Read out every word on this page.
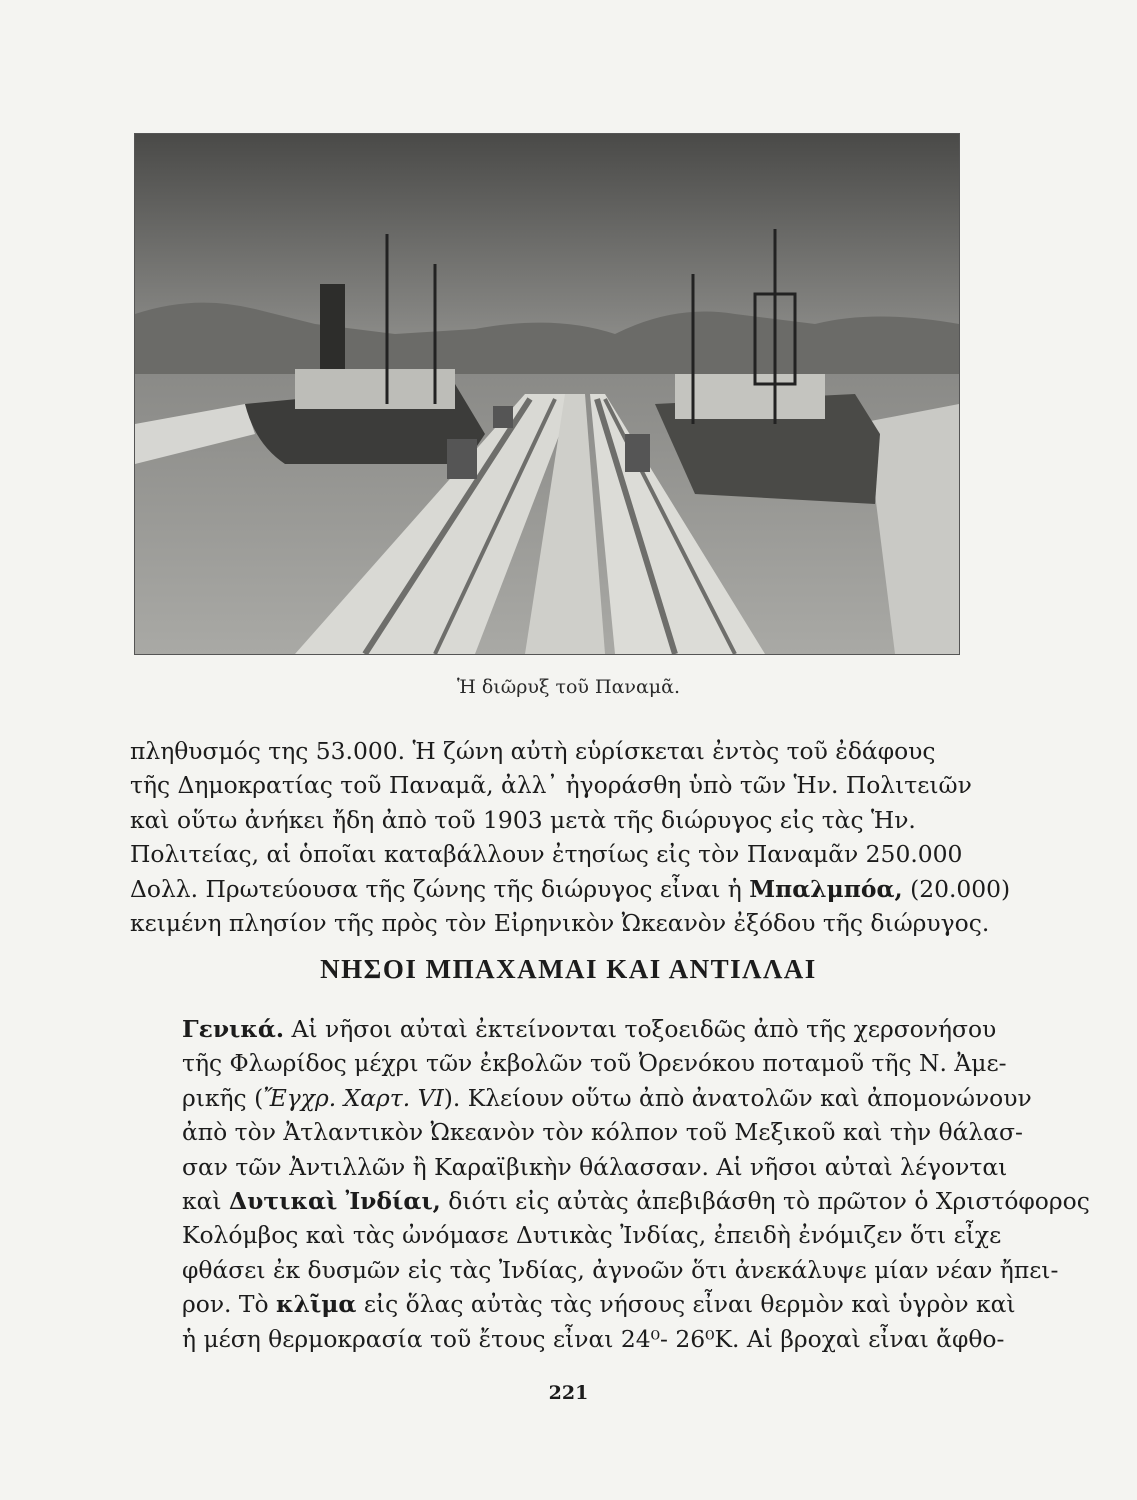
Ἡ διῶρυξ τοῦ Παναμᾶ.
πληθυσμός της 53.000. Ἡ ζώνη αὐτὴ εὑρίσκεται ἐντὸς τοῦ ἐδάφους
τῆς Δημοκρατίας τοῦ Παναμᾶ, ἀλλ᾽ ἠγοράσθη ὑπὸ τῶν Ἡν. Πολιτειῶν
καὶ οὕτω ἀνήκει ἤδη ἀπὸ τοῦ 1903 μετὰ τῆς διώρυγος εἰς τὰς Ἡν.
Πολιτείας, αἱ ὁποῖαι καταβάλλουν ἐτησίως εἰς τὸν Παναμᾶν 250.000
Δολλ. Πρωτεύουσα τῆς ζώνης τῆς διώρυγος εἶναι ἡ Μπαλμπόα, (20.000)
κειμένη πλησίον τῆς πρὸς τὸν Εἰρηνικὸν Ὠκεανὸν ἐξόδου τῆς διώρυγος.
ΝΗΣΟΙ ΜΠΑΧΑΜΑΙ ΚΑΙ ΑΝΤΙΛΛΑΙ
Γενικά. Αἱ νῆσοι αὐταὶ ἐκτείνονται τοξοειδῶς ἀπὸ τῆς χερσονήσου
τῆς Φλωρίδος μέχρι τῶν ἐκβολῶν τοῦ Ὀρενόκου ποταμοῦ τῆς Ν. Ἀμε-
ρικῆς (Ἔγχρ. Χαρτ. VI). Κλείουν οὕτω ἀπὸ ἀνατολῶν καὶ ἀπομονώνουν
ἀπὸ τὸν Ἀτλαντικὸν Ὠκεανὸν τὸν κόλπον τοῦ Μεξικοῦ καὶ τὴν θάλασ-
σαν τῶν Ἀντιλλῶν ἢ Καραϊβικὴν θάλασσαν. Αἱ νῆσοι αὐταὶ λέγονται
καὶ Δυτικαὶ Ἰνδίαι, διότι εἰς αὐτὰς ἀπεβιβάσθη τὸ πρῶτον ὁ Χριστόφορος
Κολόμβος καὶ τὰς ὠνόμασε Δυτικὰς Ἰνδίας, ἐπειδὴ ἐνόμιζεν ὅτι εἶχε
φθάσει ἐκ δυσμῶν εἰς τὰς Ἰνδίας, ἀγνοῶν ὅτι ἀνεκάλυψε μίαν νέαν ἤπει-
ρον. Τὸ κλῖμα εἰς ὅλας αὐτὰς τὰς νήσους εἶναι θερμὸν καὶ ὑγρὸν καὶ
ἡ μέση θερμοκρασία τοῦ ἔτους εἶναι 24⁰- 26⁰Κ. Αἱ βροχαὶ εἶναι ἄφθο-
221
